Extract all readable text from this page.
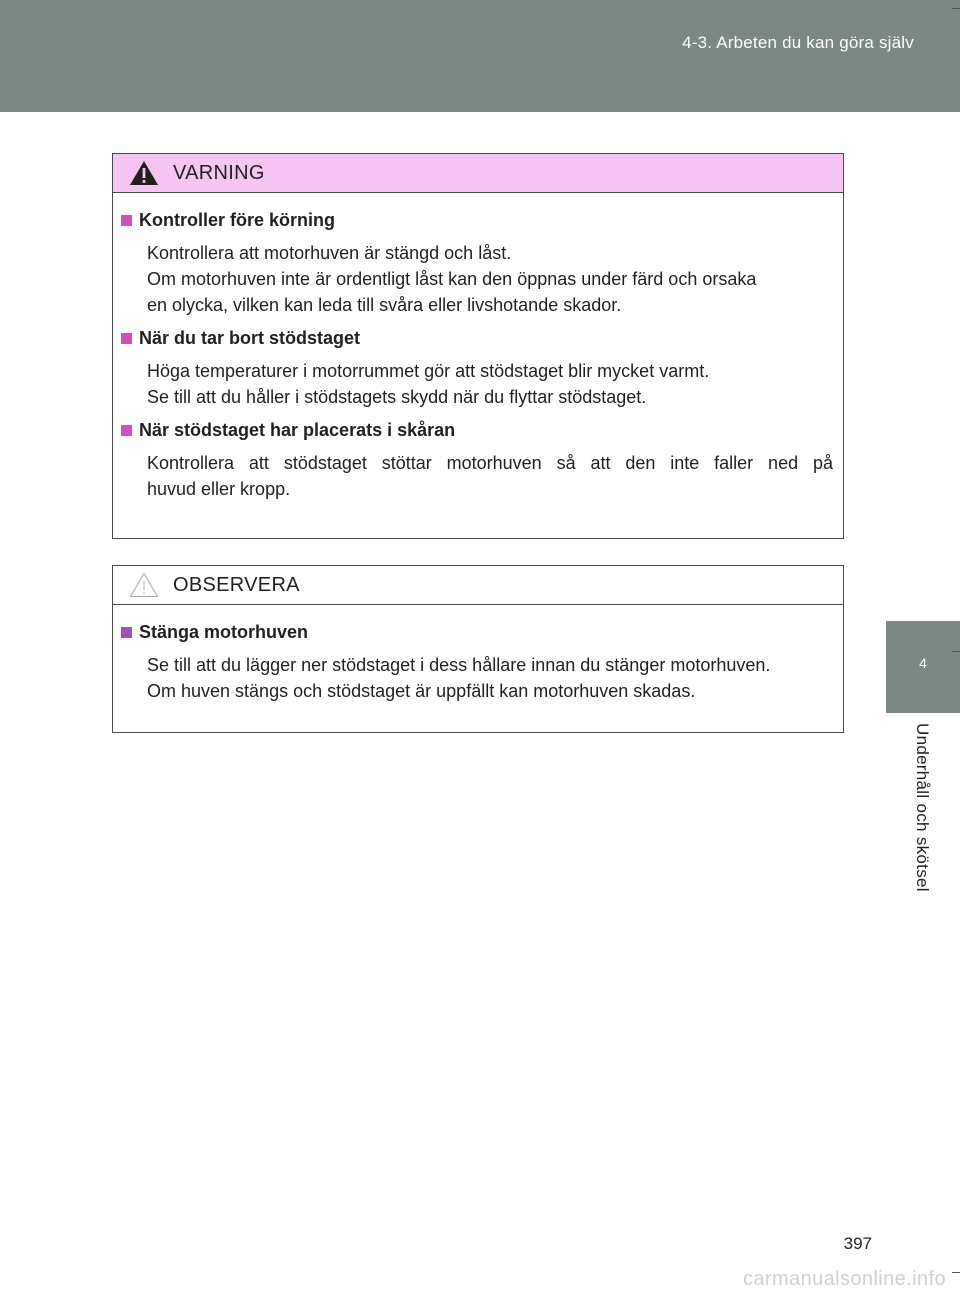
4-3. Arbeten du kan göra själv
4
Underhåll och skötsel
VARNING
Kontroller före körning
Kontrollera att motorhuven är stängd och låst.
Om motorhuven inte är ordentligt låst kan den öppnas under färd och orsaka
en olycka, vilken kan leda till svåra eller livshotande skador.
När du tar bort stödstaget
Höga temperaturer i motorrummet gör att stödstaget blir mycket varmt.
Se till att du håller i stödstagets skydd när du flyttar stödstaget.
När stödstaget har placerats i skåran
Kontrollera att stödstaget stöttar motorhuven så att den inte faller ned på
huvud eller kropp.
OBSERVERA
Stänga motorhuven
Se till att du lägger ner stödstaget i dess hållare innan du stänger motorhuven.
Om huven stängs och stödstaget är uppfällt kan motorhuven skadas.
397
carmanualsonline.info
